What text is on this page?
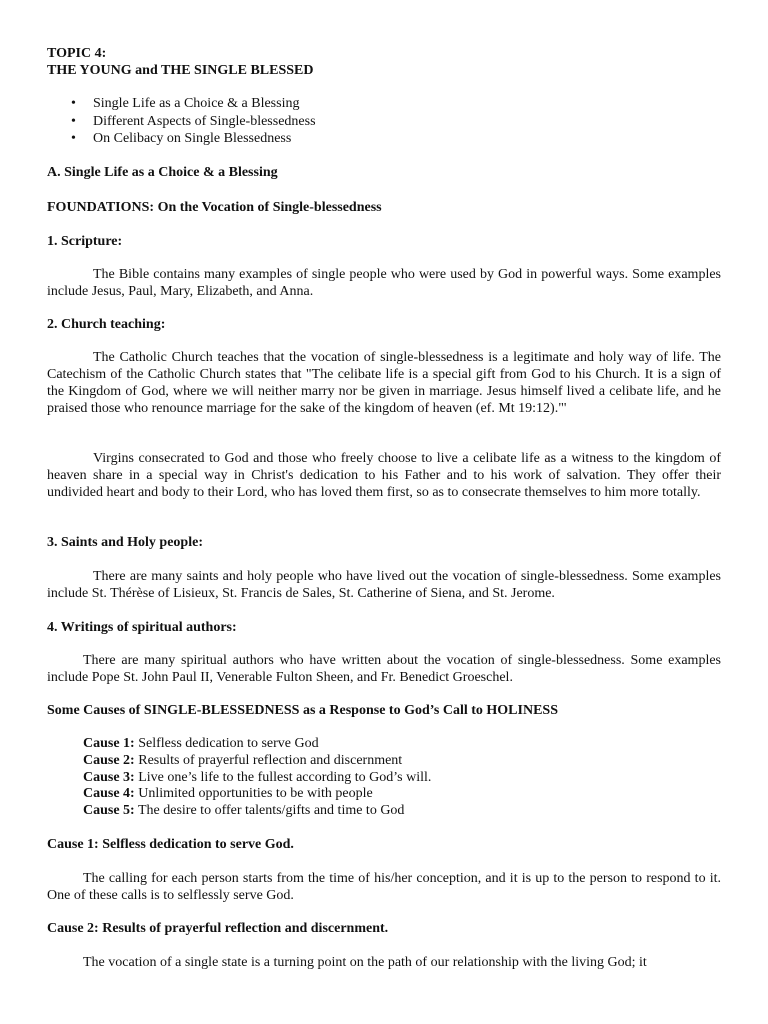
TOPIC 4:
THE YOUNG and THE SINGLE BLESSED
• Single Life as a Choice & a Blessing
• Different Aspects of Single-blessedness
• On Celibacy on Single Blessedness
A. Single Life as a Choice & a Blessing
FOUNDATIONS: On the Vocation of Single-blessedness
1. Scripture:

The Bible contains many examples of single people who were used by God in powerful ways. Some examples include Jesus, Paul, Mary, Elizabeth, and Anna.

2. Church teaching:

The Catholic Church teaches that the vocation of single-blessedness is a legitimate and holy way of life. The Catechism of the Catholic Church states that "The celibate life is a special gift from God to his Church. It is a sign of the Kingdom of God, where we will neither marry nor be given in marriage. Jesus himself lived a celibate life, and he praised those who renounce marriage for the sake of the kingdom of heaven (ef. Mt 19:12)."'

Virgins consecrated to God and those who freely choose to live a celibate life as a witness to the kingdom of heaven share in a special way in Christ's dedication to his Father and to his work of salvation. They offer their undivided heart and body to their Lord, who has loved them first, so as to consecrate themselves to him more totally.

3. Saints and Holy people:

There are many saints and holy people who have lived out the vocation of single-blessedness. Some examples include St. Thérèse of Lisieux, St. Francis de Sales, St. Catherine of Siena, and St. Jerome.

4. Writings of spiritual authors:

There are many spiritual authors who have written about the vocation of single-blessedness. Some examples include Pope St. John Paul II, Venerable Fulton Sheen, and Fr. Benedict Groeschel.

Some Causes of SINGLE-BLESSEDNESS as a Response to God’s Call to HOLINESS
Cause 1: Selfless dedication to serve God
Cause 2: Results of prayerful reflection and discernment
Cause 3: Live one’s life to the fullest according to God’s will.
Cause 4: Unlimited opportunities to be with people
Cause 5: The desire to offer talents/gifts and time to God
Cause 1: Selfless dedication to serve God.

The calling for each person starts from the time of his/her conception, and it is up to the person to respond to it. One of these calls is to selflessly serve God.

Cause 2: Results of prayerful reflection and discernment.

The vocation of a single state is a turning point on the path of our relationship with the living God; it
